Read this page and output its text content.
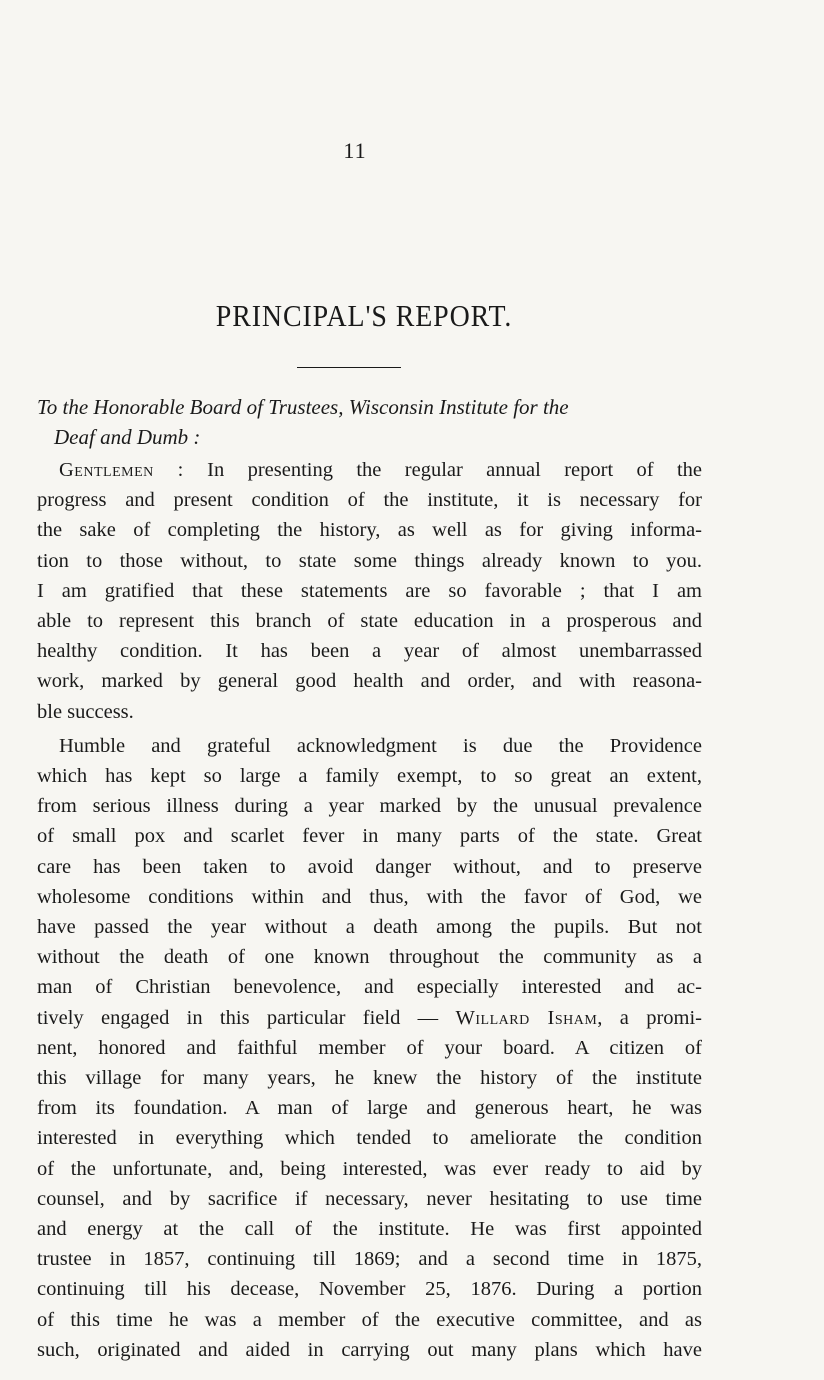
11
PRINCIPAL'S REPORT.
To the Honorable Board of Trustees, Wisconsin Institute for the
Deaf and Dumb :
Gentlemen : In presenting the regular annual report of the
progress and present condition of the institute, it is necessary for
the sake of completing the history, as well as for giving informa-
tion to those without, to state some things already known to you.
I am gratified that these statements are so favorable ; that I am
able to represent this branch of state education in a prosperous and
healthy condition. It has been a year of almost unembarrassed
work, marked by general good health and order, and with reasona-
ble success.
Humble and grateful acknowledgment is due the Providence
which has kept so large a family exempt, to so great an extent,
from serious illness during a year marked by the unusual prevalence
of small pox and scarlet fever in many parts of the state. Great
care has been taken to avoid danger without, and to preserve
wholesome conditions within and thus, with the favor of God, we
have passed the year without a death among the pupils. But not
without the death of one known throughout the community as a
man of Christian benevolence, and especially interested and ac-
tively engaged in this particular field — Willard Isham, a promi-
nent, honored and faithful member of your board. A citizen of
this village for many years, he knew the history of the institute
from its foundation. A man of large and generous heart, he was
interested in everything which tended to ameliorate the condition
of the unfortunate, and, being interested, was ever ready to aid by
counsel, and by sacrifice if necessary, never hesitating to use time
and energy at the call of the institute. He was first appointed
trustee in 1857, continuing till 1869; and a second time in 1875,
continuing till his decease, November 25, 1876. During a portion
of this time he was a member of the executive committee, and as
such, originated and aided in carrying out many plans which have
